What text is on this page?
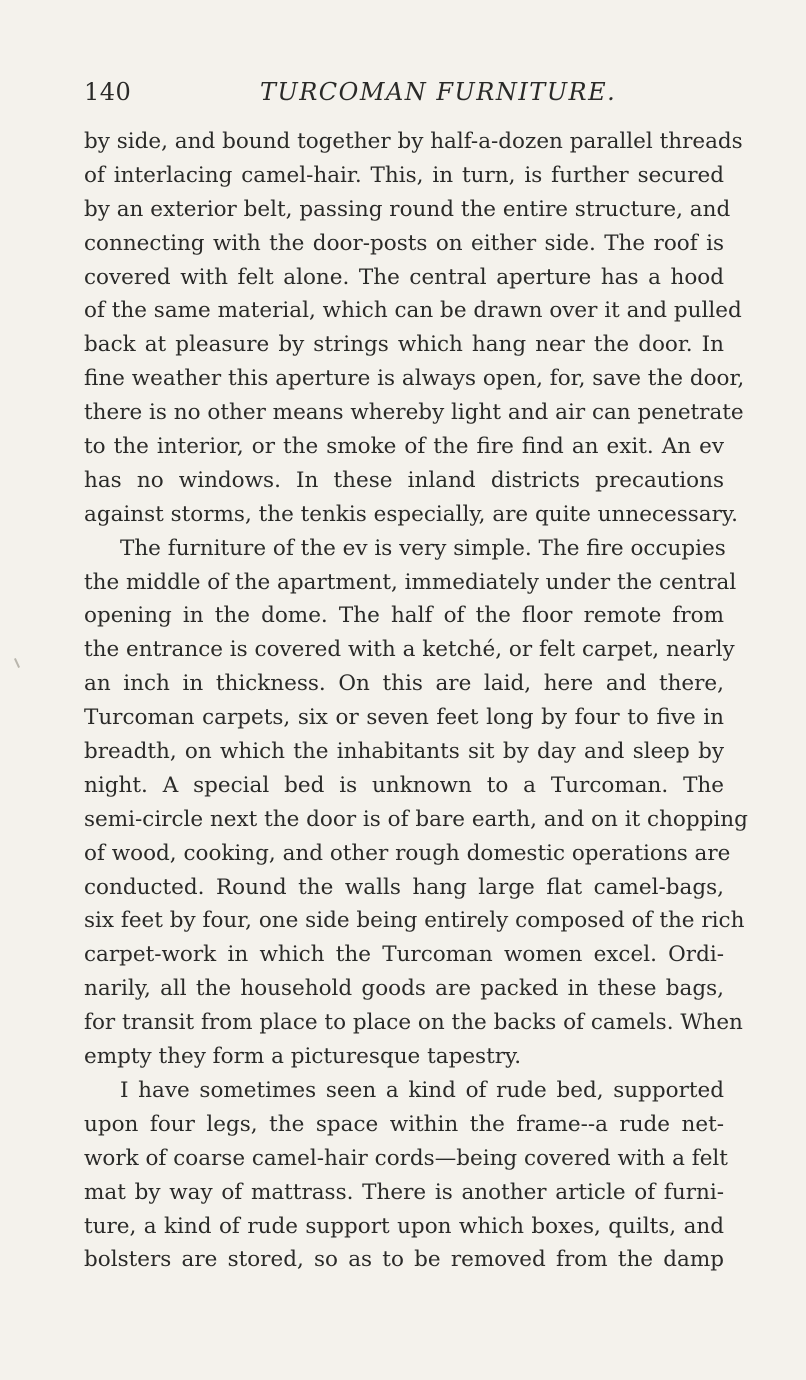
140	TURCOMAN FURNITURE.
by side, and bound together by half-a-dozen parallel threads
of interlacing camel-hair. This, in turn, is further secured
by an exterior belt, passing round the entire structure, and
connecting with the door-posts on either side. The roof is
covered with felt alone. The central aperture has a hood
of the same material, which can be drawn over it and pulled
back at pleasure by strings which hang near the door. In
fine weather this aperture is always open, for, save the door,
there is no other means whereby light and air can penetrate
to the interior, or the smoke of the fire find an exit. An ev
has no windows. In these inland districts precautions
against storms, the tenkis especially, are quite unnecessary.
The furniture of the ev is very simple. The fire occupies
the middle of the apartment, immediately under the central
opening in the dome. The half of the floor remote from
the entrance is covered with a ketché, or felt carpet, nearly
an inch in thickness. On this are laid, here and there,
Turcoman carpets, six or seven feet long by four to five in
breadth, on which the inhabitants sit by day and sleep by
night. A special bed is unknown to a Turcoman. The
semi-circle next the door is of bare earth, and on it chopping
of wood, cooking, and other rough domestic operations are
conducted. Round the walls hang large flat camel-bags,
six feet by four, one side being entirely composed of the rich
carpet-work in which the Turcoman women excel. Ordi-
narily, all the household goods are packed in these bags,
for transit from place to place on the backs of camels. When
empty they form a picturesque tapestry.
I have sometimes seen a kind of rude bed, supported
upon four legs, the space within the frame--a rude net-
work of coarse camel-hair cords—being covered with a felt
mat by way of mattrass. There is another article of furni-
ture, a kind of rude support upon which boxes, quilts, and
bolsters are stored, so as to be removed from the damp
